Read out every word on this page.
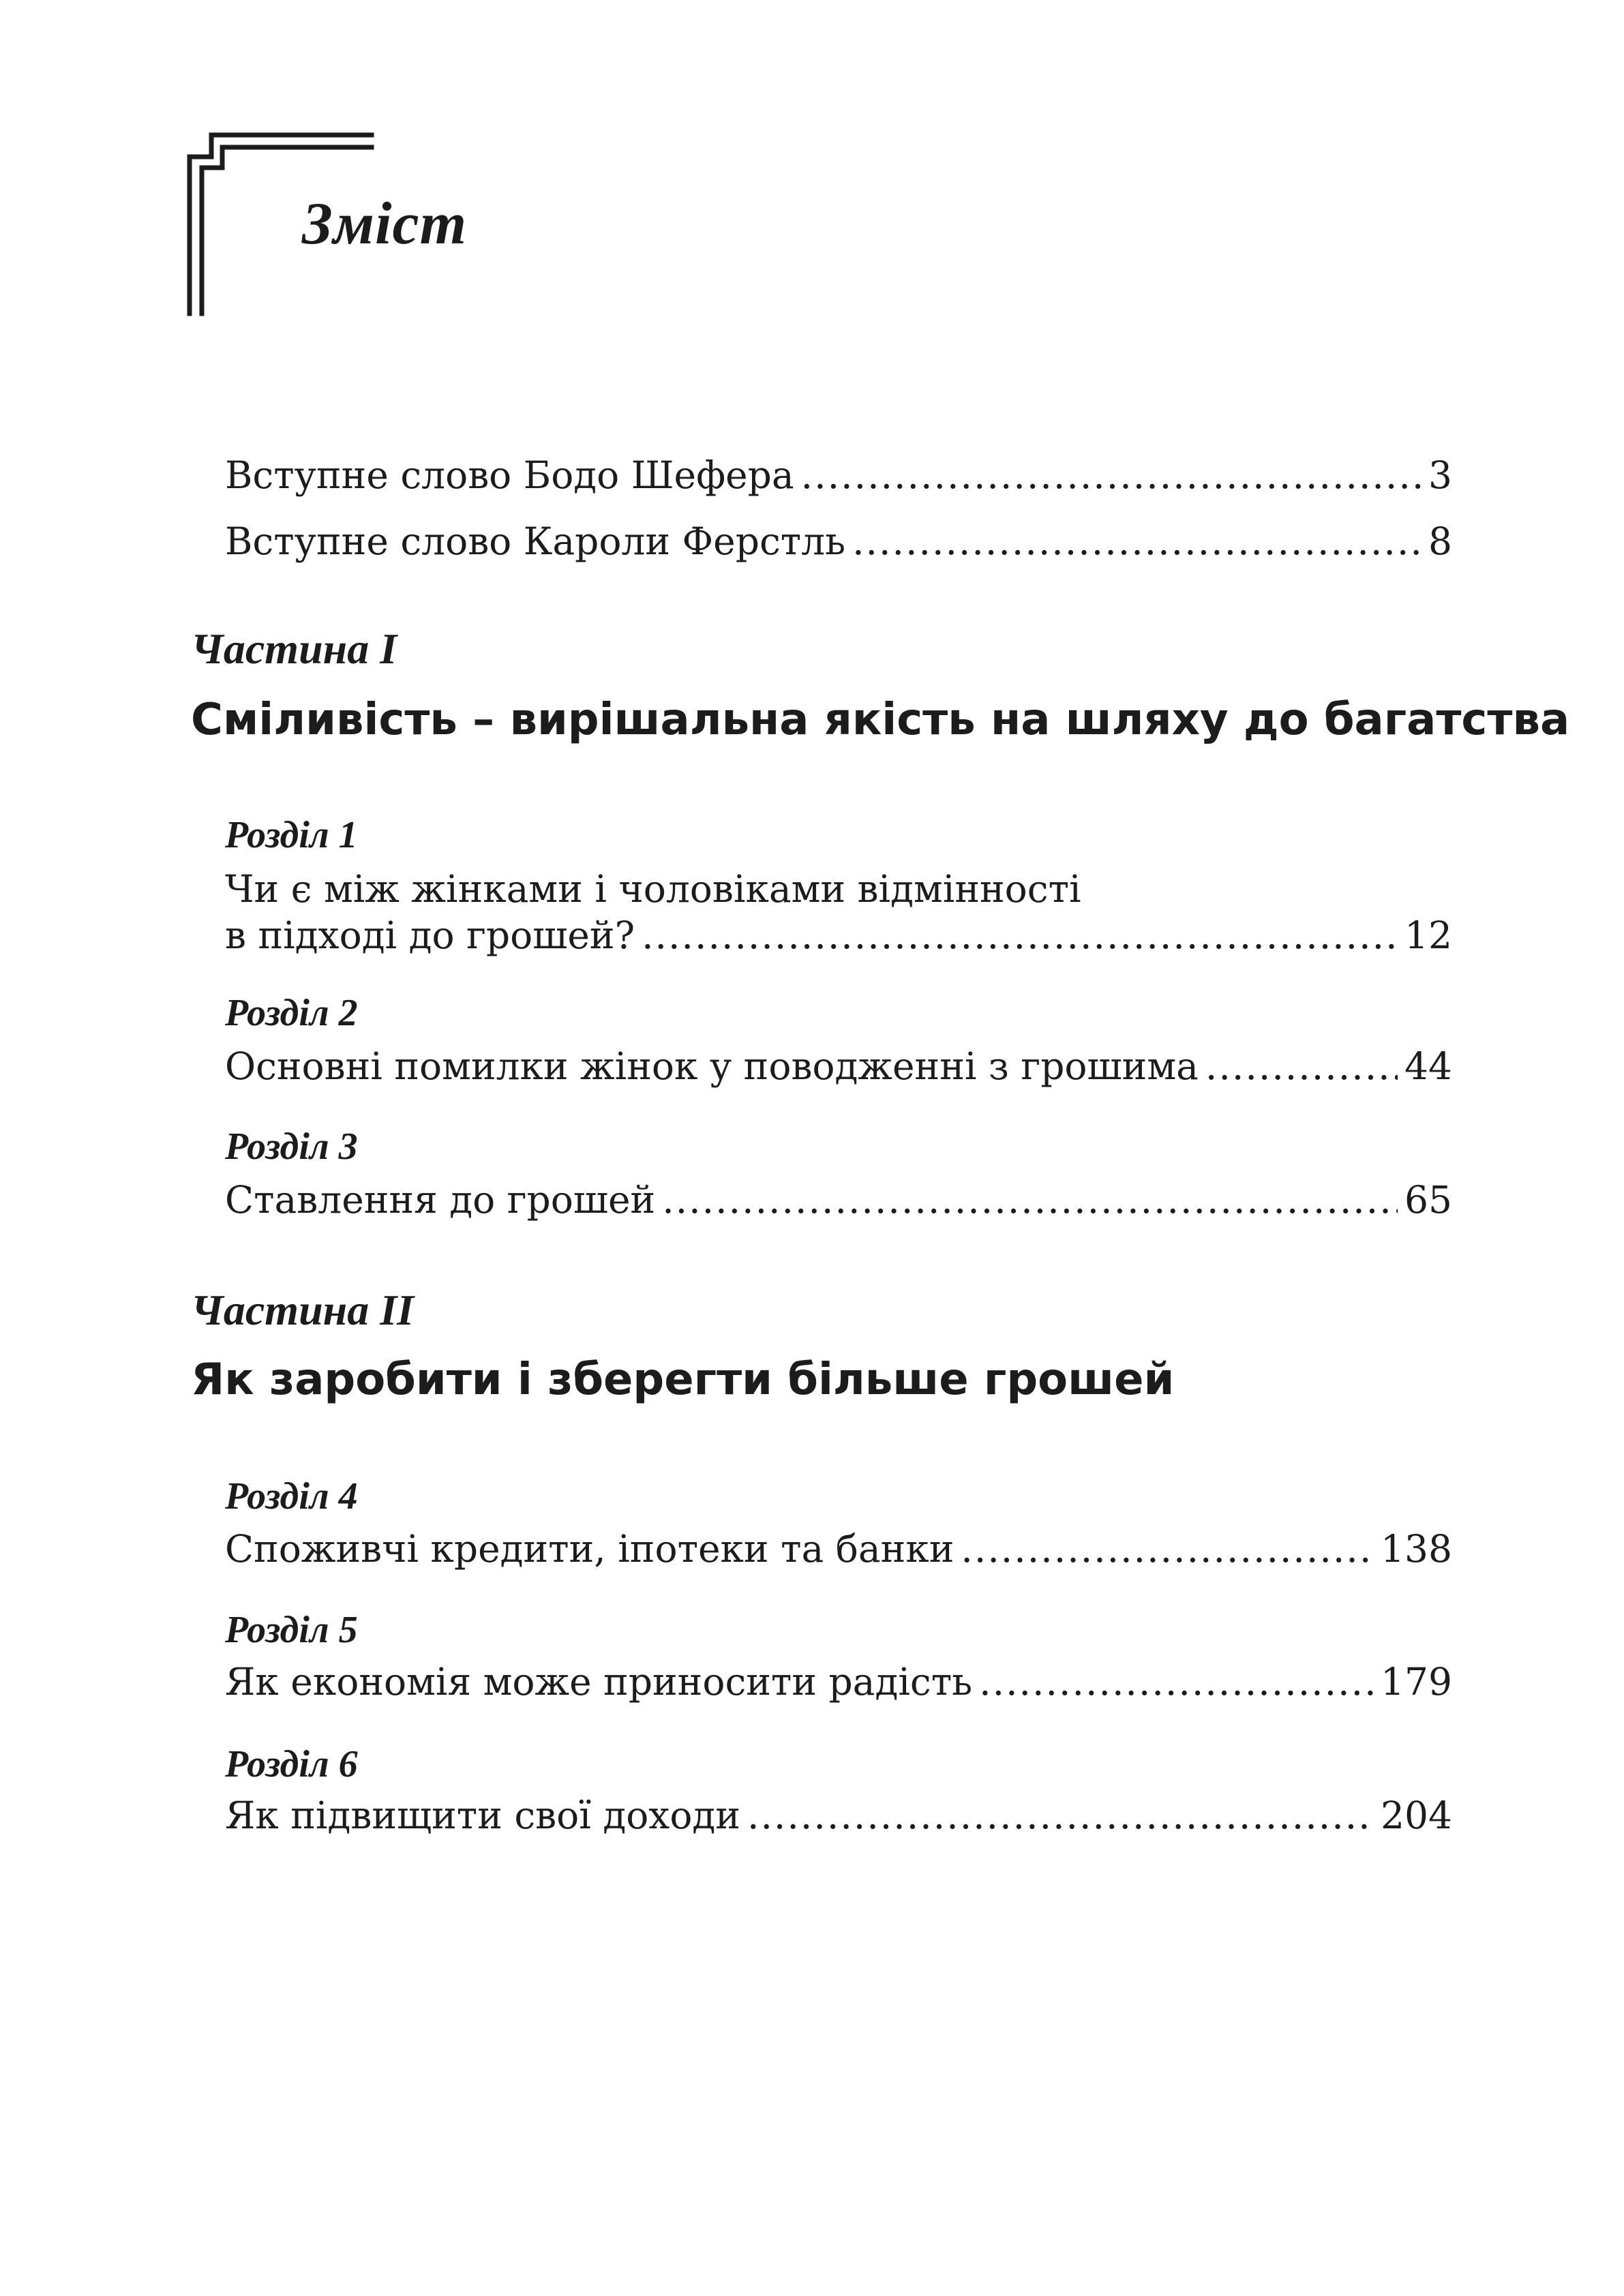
Зміст
Вступне слово Бодо Шефера .....	3
Вступне слово Кароли Ферстль .....	8
Частина I
Сміливість – вирішальна якість на шляху до багатства
Розділ 1
Чи є між жінками і чоловіками відмінності
в підході до грошей? .....	12
Розділ 2
Основні помилки жінок у поводженні з грошима .....	44
Розділ 3
Ставлення до грошей .....	65
Частина II
Як заробити і зберегти більше грошей
Розділ 4
Споживчі кредити, іпотеки та банки .....	138
Розділ 5
Як економія може приносити радість .....	179
Розділ 6
Як підвищити свої доходи .....	204
